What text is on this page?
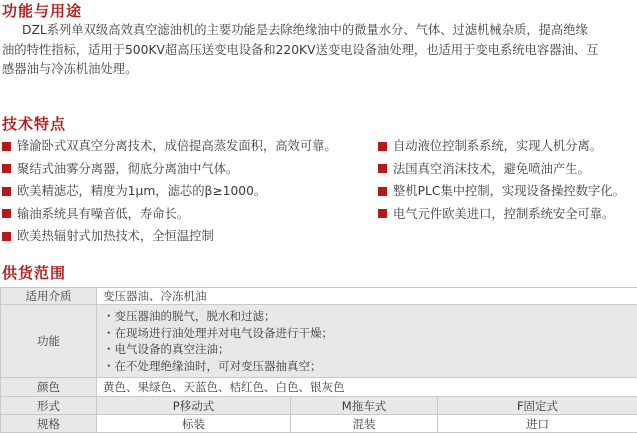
功能与用途
DZL系列单双级高效真空滤油机的主要功能是去除绝缘油中的微量水分、气体、过滤机械杂质，提高绝缘
油的特性指标，适用于500KV超高压送变电设备和220KV送变电设备油处理，也适用于变电系统电容器油、互
感器油与冷冻机油处理。
技术特点
锋渝卧式双真空分离技术，成倍提高蒸发面积，高效可靠。
聚结式油雾分离器，彻底分离油中气体。
欧美精滤芯，精度为1μm，滤芯的β≥1000。
输油系统具有噪音低，寿命长。
欧美热辐射式加热技术，全恒温控制
自动液位控制系系统，实现人机分离。
法国真空消沫技术，避免喷油产生。
整机PLC集中控制，实现设备操控数字化。
电气元件欧美进口，控制系统安全可靠。
供货范围
适用介质	变压器油、冷冻机油		
功能	・变压器油的脱气，脱水和过滤；
・在现场进行油处理并对电气设备进行干燥；
・电气设备的真空注油；
・在不处理绝缘油时，可对变压器抽真空；		

颜色	黄色、果绿色、天蓝色、桔红色、白色、银灰色		
形式	P移动式	M拖车式	F固定式
规格	标装	混装	进口
